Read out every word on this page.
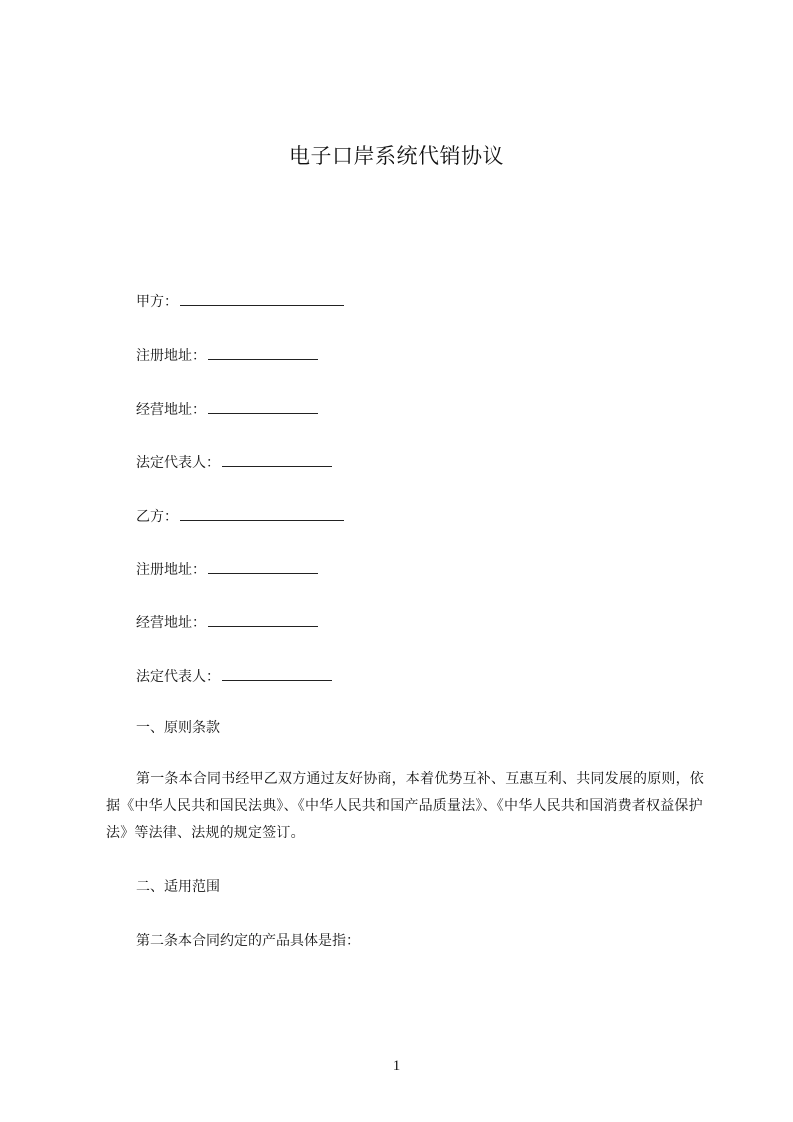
电子口岸系统代销协议
甲方：
注册地址：
经营地址：
法定代表人：
乙方：
注册地址：
经营地址：
法定代表人：
一、原则条款
第一条本合同书经甲乙双方通过友好协商，本着优势互补、互惠互利、共同发展的原则，依据《中华人民共和国民法典》、《中华人民共和国产品质量法》、《中华人民共和国消费者权益保护法》等法律、法规的规定签订。
二、适用范围
第二条本合同约定的产品具体是指：
1
